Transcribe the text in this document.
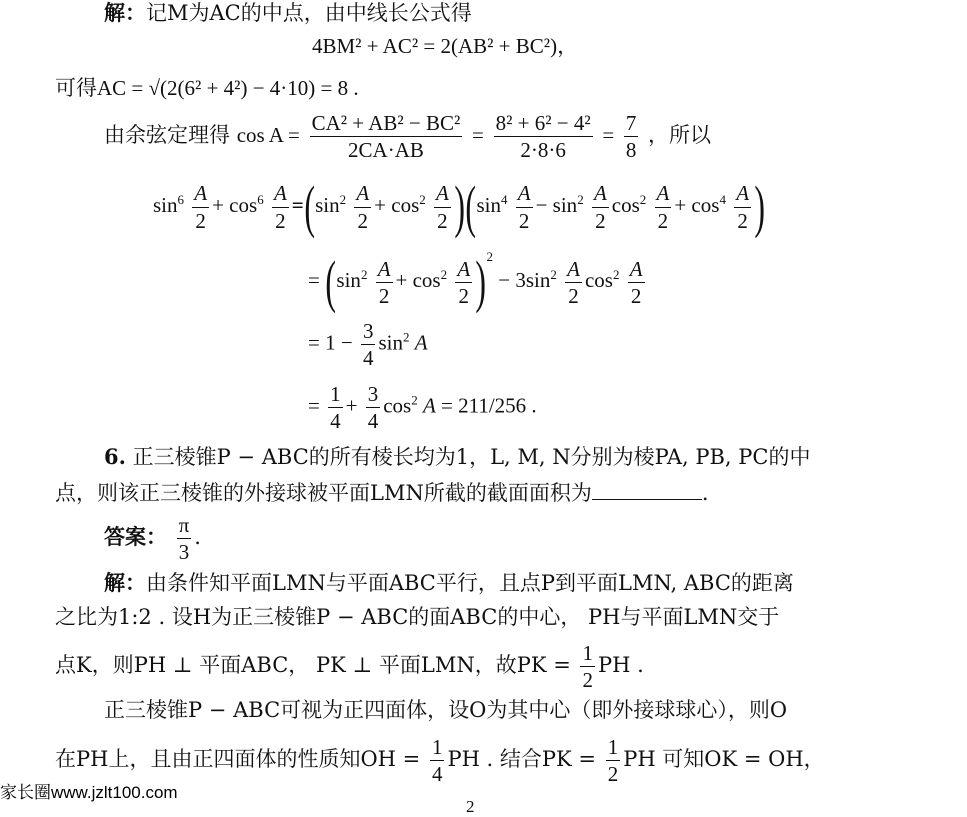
解：记M为AC的中点，由中线长公式得
4BM² + AC² = 2(AB² + BC²)，
可得AC = √(2(6² + 4²) − 4·10) = 8 .
由余弦定理得 $\cos A = \frac{\text{CA² + AB² − BC²}}{2CA\cdot AB} = \frac{\text{8² + 6² − 4²}}{2\cdot 8\cdot 6} = \frac{7}{8}$ ，所以
$\sin^6 \frac{A}{2} + \cos^6 \frac{A}{2} =(\sin^2 \frac{A}{2} + \cos^2 \frac{A}{2} )(\sin^4 \frac{A}{2} - \sin^2 \frac{A}{2} \cos^2 \frac{A}{2} + \cos^4 \frac{A}{2}$ )
= $(\sin^2 \frac{A}{2} + \cos^2 \frac{A}{2} )^2 - 3\sin^2 \frac{A}{2} \cos^2 \frac{A}{2}$
= $1 - \frac{3}{4} \sin^2 A$
= $\frac{1}{4} + \frac{3}{4} \cos^2 A = 211/256$ .
6. 正三棱锥P − ABC的所有棱长均为1，L, M, N分别为棱PA, PB, PC的中
点，则该正三棱锥的外接球被平面LMN所截的截面面积为	.
答案： $\frac{\pi}{3}$ .
解：由条件知平面LMN与平面ABC平行，且点P到平面LMN, ABC的距离
之比为1:2 . 设H为正三棱锥P − ABC的面ABC的中心， PH与平面LMN交于
点K，则PH ⊥ 平面ABC， PK ⊥ 平面LMN，故PK = $\frac{1}{2}$ PH .
正三棱锥P − ABC可视为正四面体，设O为其中心（即外接球球心），则O
在PH上，且由正四面体的性质知OH = $\frac{1}{4}$ PH . 结合PK = $\frac{1}{2}$ PH 可知OK = OH，
家长圈www.jzlt100.com
2
